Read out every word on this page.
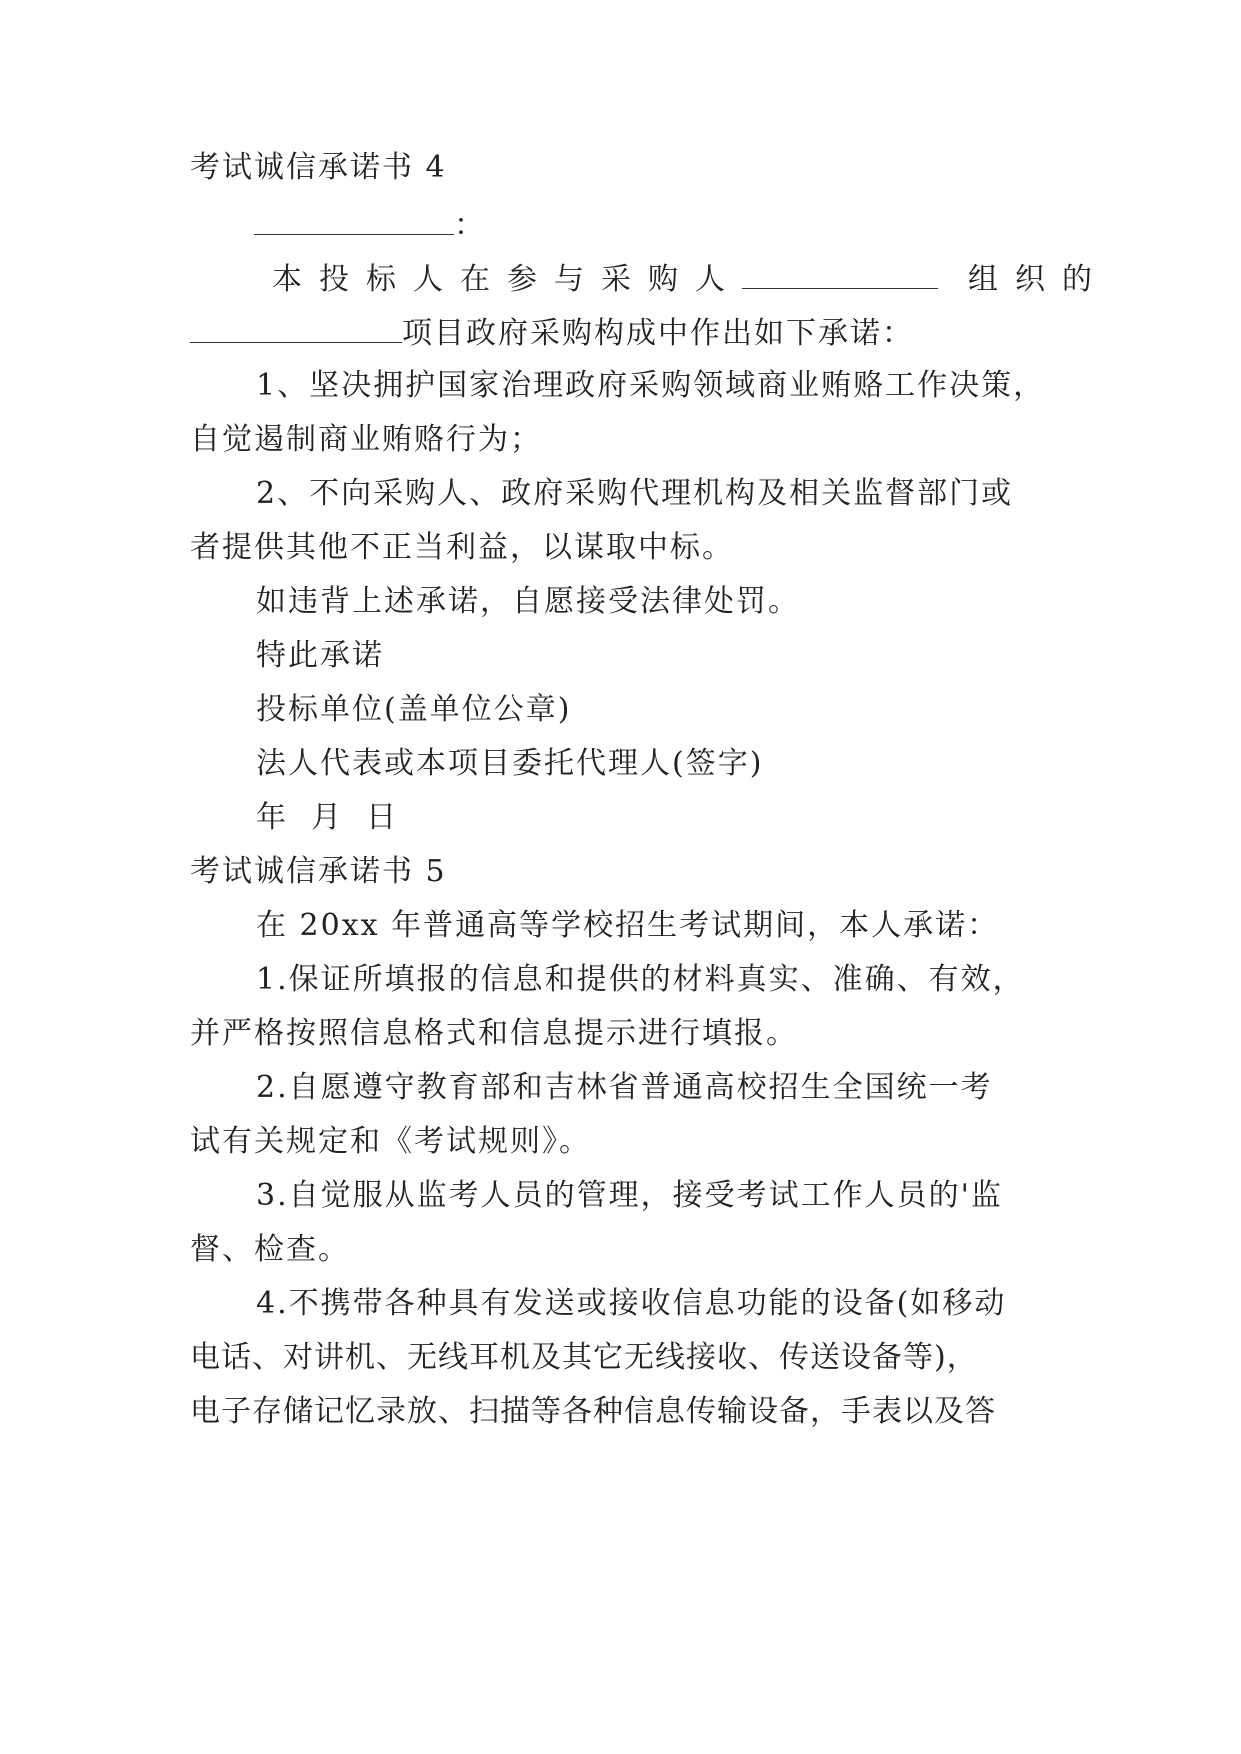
考试诚信承诺书 4
：
本投标人在参与采购人	组织的
项目政府采购构成中作出如下承诺：
1、坚决拥护国家治理政府采购领域商业贿赂工作决策，
自觉遏制商业贿赂行为；
2、不向采购人、政府采购代理机构及相关监督部门或
者提供其他不正当利益，以谋取中标。
如违背上述承诺，自愿接受法律处罚。
特此承诺
投标单位(盖单位公章)
法人代表或本项目委托代理人(签字)
年  月  日
考试诚信承诺书 5
在 20xx 年普通高等学校招生考试期间，本人承诺：
1.保证所填报的信息和提供的材料真实、准确、有效，
并严格按照信息格式和信息提示进行填报。
2.自愿遵守教育部和吉林省普通高校招生全国统一考
试有关规定和《考试规则》。
3.自觉服从监考人员的管理，接受考试工作人员的'监
督、检查。
4.不携带各种具有发送或接收信息功能的设备(如移动
电话、对讲机、无线耳机及其它无线接收、传送设备等)，
电子存储记忆录放、扫描等各种信息传输设备，手表以及答
